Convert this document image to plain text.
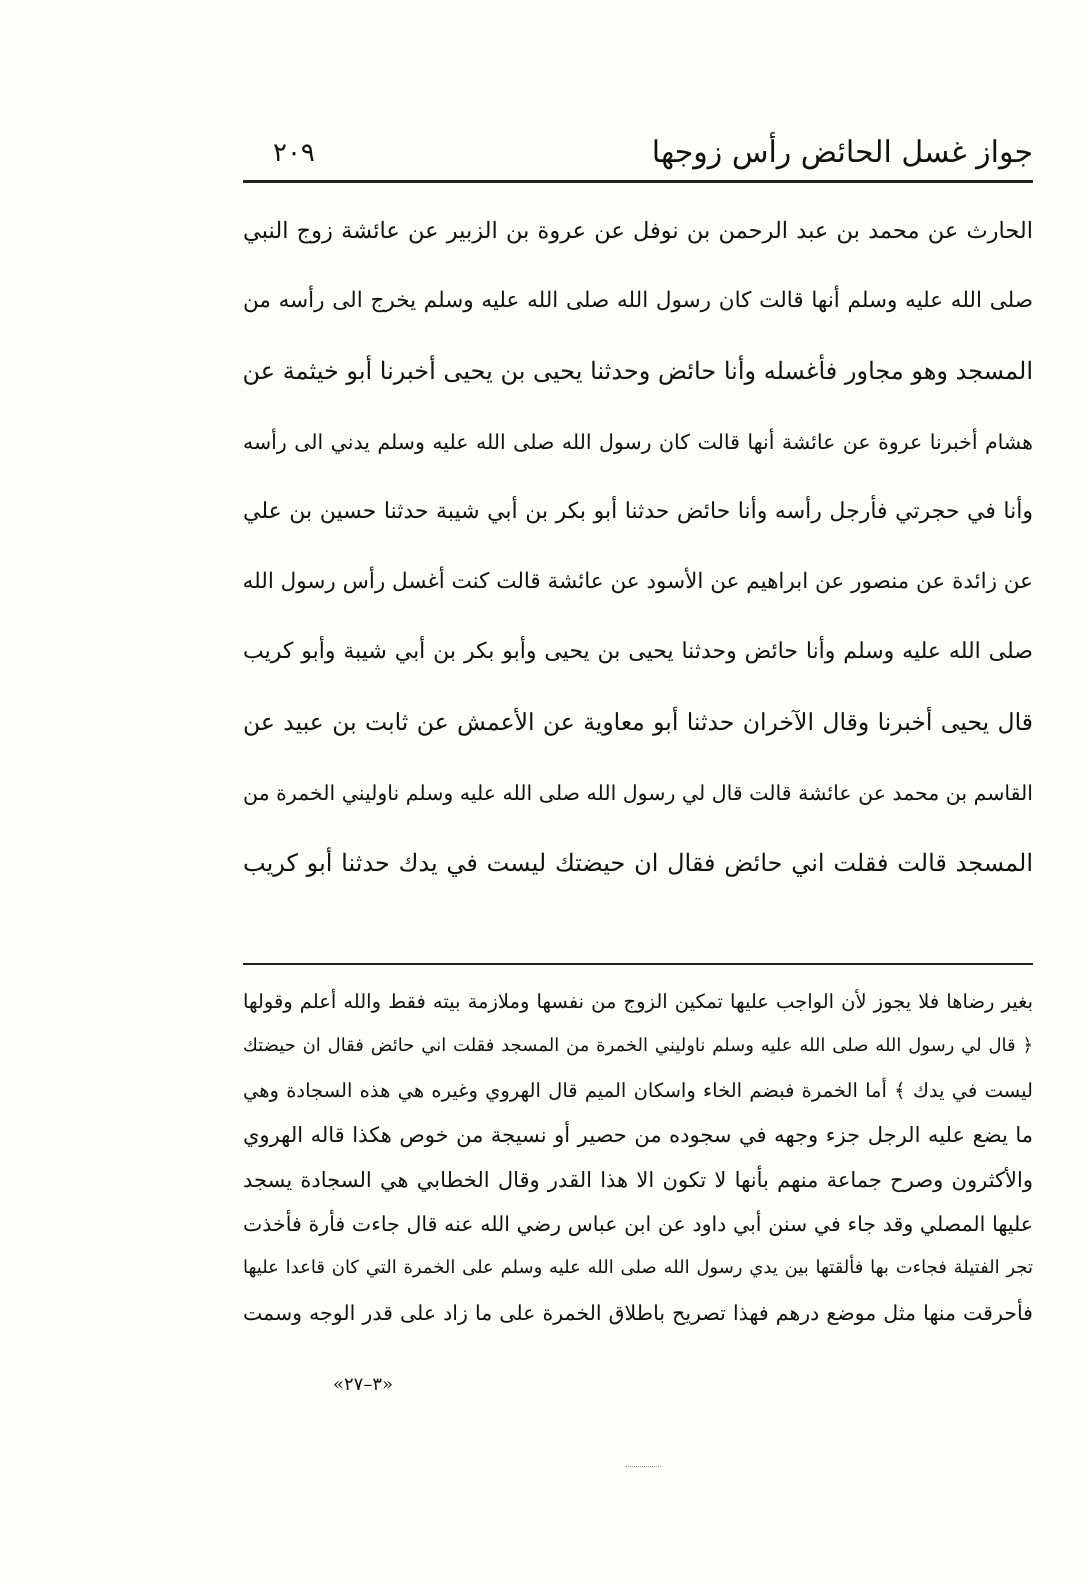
جواز غسل الحائض رأس زوجها
٢٠٩
الحارث عن محمد بن عبد الرحمن بن نوفل عن عروة بن الزبير عن عائشة زوج النبي
صلى الله عليه وسلم أنها قالت كان رسول الله صلى الله عليه وسلم يخرج الى رأسه من
المسجد وهو مجاور فأغسله وأنا حائض وحدثنا يحيى بن يحيى أخبرنا أبو خيثمة عن
هشام أخبرنا عروة عن عائشة أنها قالت كان رسول الله صلى الله عليه وسلم يدني الى رأسه
وأنا في حجرتي فأرجل رأسه وأنا حائض حدثنا أبو بكر بن أبي شيبة حدثنا حسين بن علي
عن زائدة عن منصور عن ابراهيم عن الأسود عن عائشة قالت كنت أغسل رأس رسول الله
صلى الله عليه وسلم وأنا حائض وحدثنا يحيى بن يحيى وأبو بكر بن أبي شيبة وأبو كريب
قال يحيى أخبرنا وقال الآخران حدثنا أبو معاوية عن الأعمش عن ثابت بن عبيد عن
القاسم بن محمد عن عائشة قالت قال لي رسول الله صلى الله عليه وسلم ناوليني الخمرة من
المسجد قالت فقلت اني حائض فقال ان حيضتك ليست في يدك حدثنا أبو كريب
بغير رضاها فلا يجوز لأن الواجب عليها تمكين الزوج من نفسها وملازمة بيته فقط والله أعلم وقولها
﴿ قال لي رسول الله صلى الله عليه وسلم ناوليني الخمرة من المسجد فقلت اني حائض فقال ان حيضتك
ليست في يدك ﴾ أما الخمرة فبضم الخاء واسكان الميم قال الهروي وغيره هي هذه السجادة وهي
ما يضع عليه الرجل جزء وجهه في سجوده من حصير أو نسيجة من خوص هكذا قاله الهروي
والأكثرون وصرح جماعة منهم بأنها لا تكون الا هذا القدر وقال الخطابي هي السجادة يسجد
عليها المصلي وقد جاء في سنن أبي داود عن ابن عباس رضي الله عنه قال جاءت فأرة فأخذت
تجر الفتيلة فجاءت بها فألقتها بين يدي رسول الله صلى الله عليه وسلم على الخمرة التي كان قاعدا عليها
فأحرقت منها مثل موضع درهم فهذا تصريح باطلاق الخمرة على ما زاد على قدر الوجه وسمت
«٣–٢٧»
